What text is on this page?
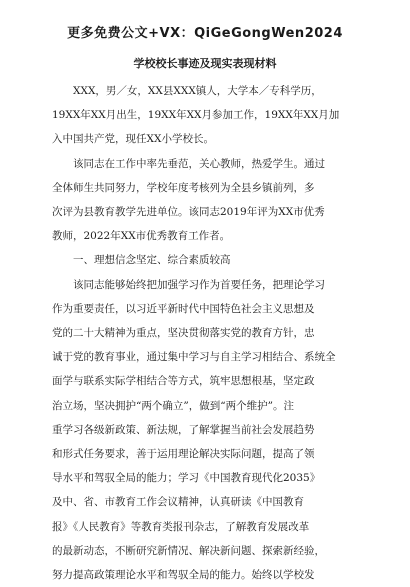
更多免费公文+VX：QiGeGongWen2024
学校校长事迹及现实表现材料
XXX，男／女，XX县XXX镇人，大学本／专科学历，
19XX年XX月出生，19XX年XX月参加工作，19XX年XX月加
入中国共产党，现任XX小学校长。
该同志在工作中率先垂范，关心教师，热爱学生。通过
全体师生共同努力，学校年度考核列为全县乡镇前列，多
次评为县教育教学先进单位。该同志2019年评为XX市优秀
教师，2022年XX市优秀教育工作者。
一、理想信念坚定、综合素质较高
该同志能够始终把加强学习作为首要任务，把理论学习
作为重要责任，以习近平新时代中国特色社会主义思想及
党的二十大精神为重点，坚决贯彻落实党的教育方针，忠
诚于党的教育事业，通过集中学习与自主学习相结合、系统全
面学与联系实际学相结合等方式，筑牢思想根基，坚定政
治立场，坚决拥护“两个确立”，做到“两个维护”。注
重学习各级新政策、新法规，了解掌握当前社会发展趋势
和形式任务要求，善于运用理论解决实际问题，提高了领
导水平和驾驭全局的能力；学习《中国教育现代化2035》
及中、省、市教育工作会议精神，认真研读《中国教育
报》《人民教育》等教育类报刊杂志，了解教育发展改革
的最新动态，不断研究新情况、解决新问题、探索新经验，
努力提高政策理论水平和驾驭全局的能力。始终以学校发
